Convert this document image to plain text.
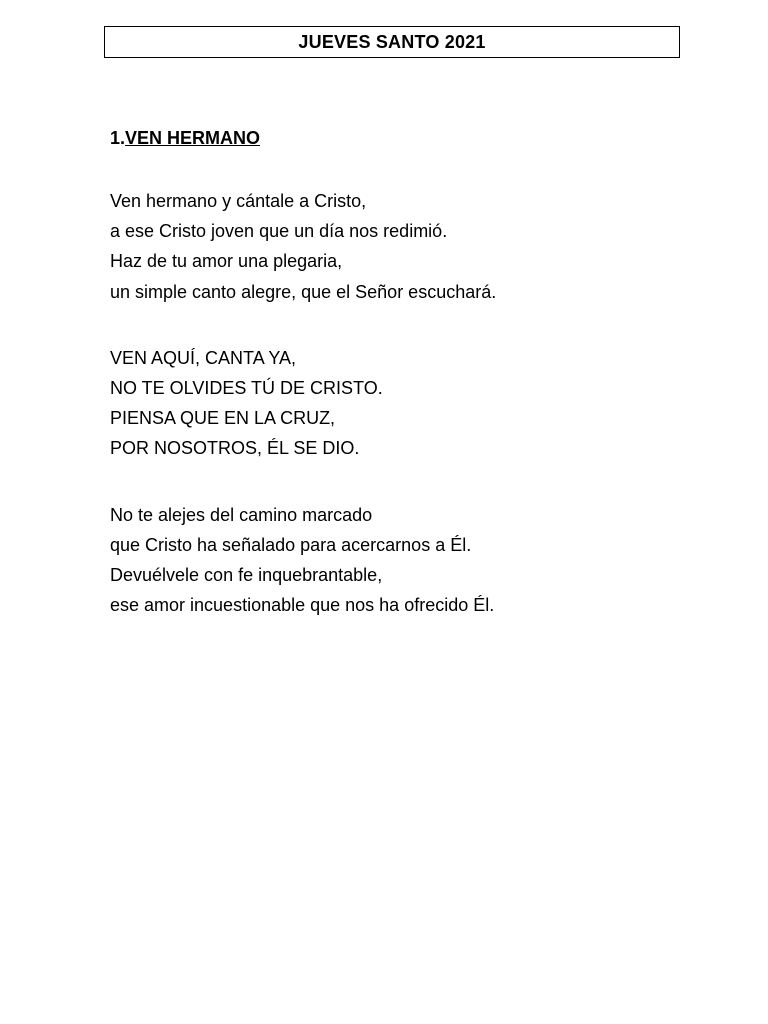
JUEVES SANTO 2021

1.VEN HERMANO

Ven hermano y cántale a Cristo,
a ese Cristo joven que un día nos redimió.
Haz de tu amor una plegaria,
un simple canto alegre, que el Señor escuchará.
VEN AQUÍ, CANTA YA,
NO TE OLVIDES TÚ DE CRISTO.
PIENSA QUE EN LA CRUZ,
POR NOSOTROS, ÉL SE DIO.
No te alejes del camino marcado
que Cristo ha señalado para acercarnos a Él.
Devuélvele con fe inquebrantable,
ese amor incuestionable que nos ha ofrecido Él.
